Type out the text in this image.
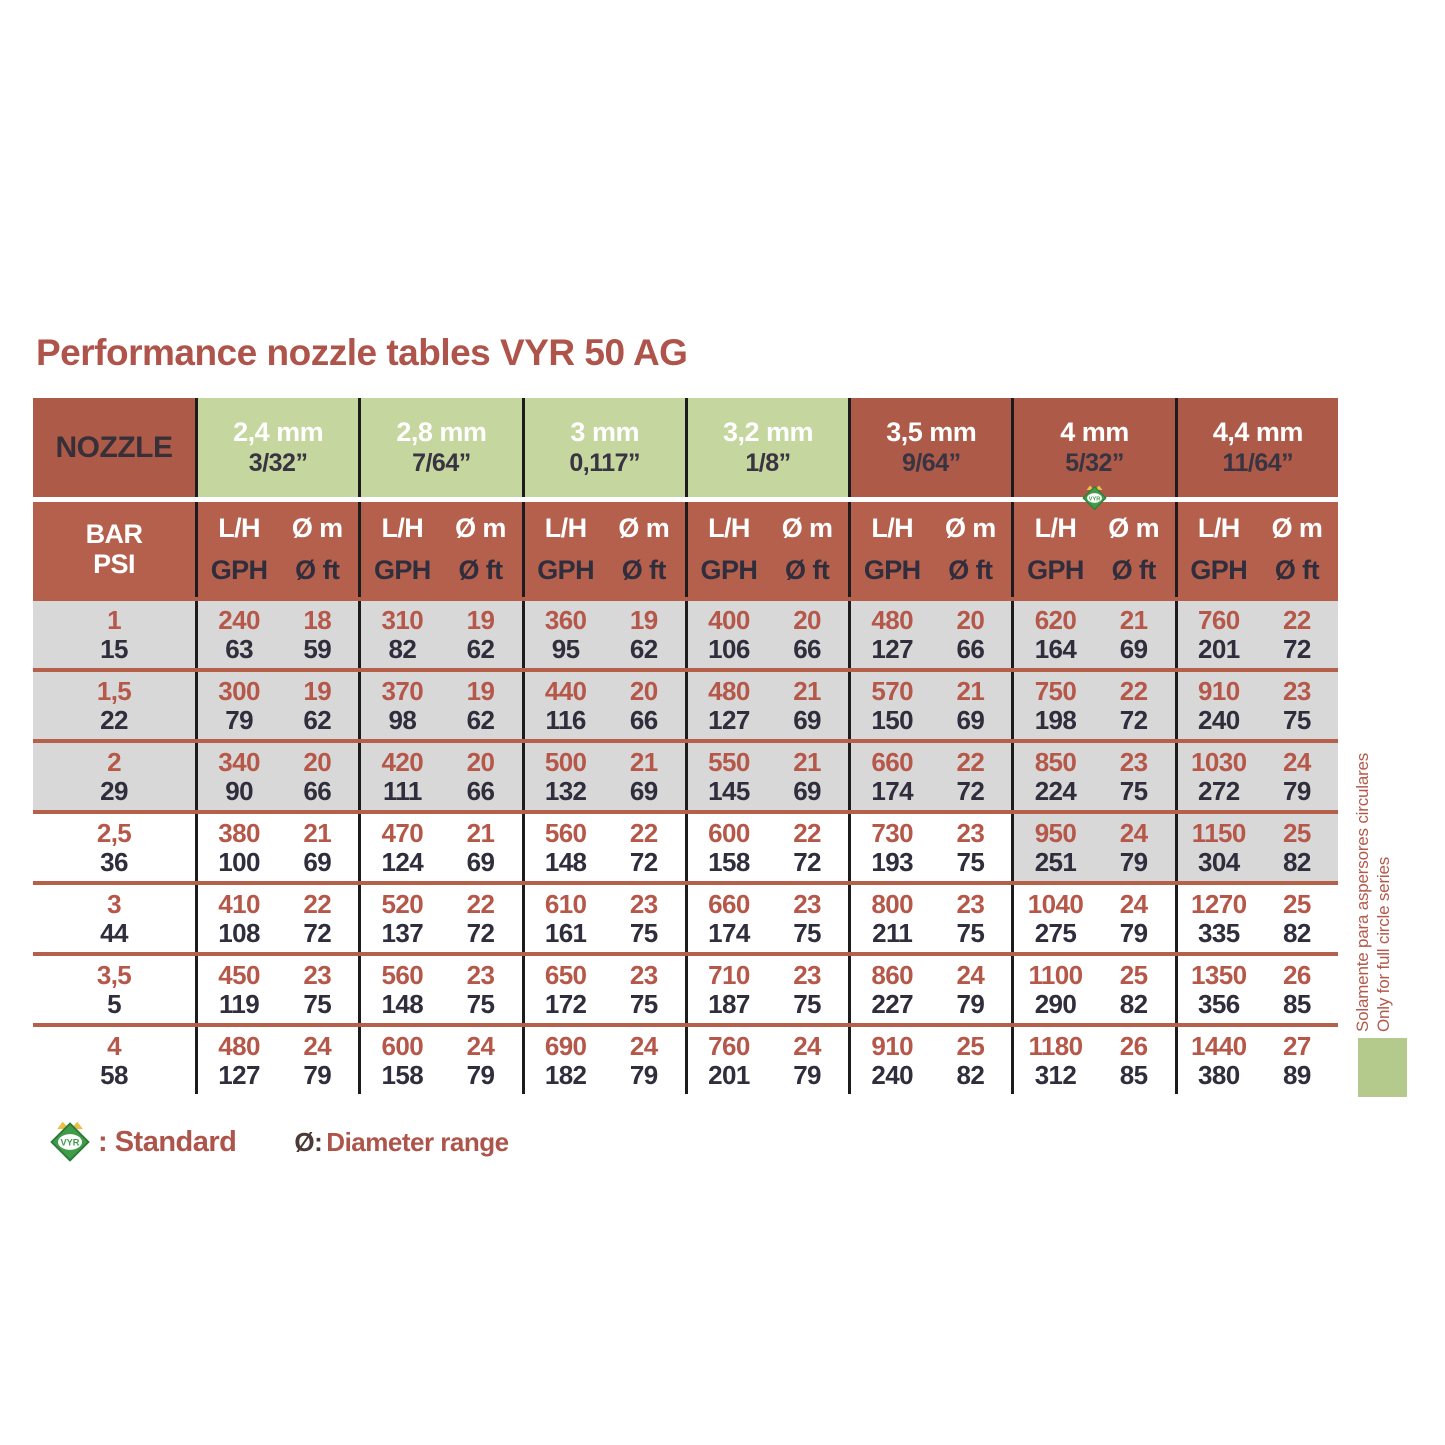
Performance nozzle tables VYR 50 AG
NOZZLE 2,4 mm
3/32”
2,8 mm
7/64”
3 mm
0,117”
3,2 mm
1/8”
3,5 mm
9/64”
4 mm
5/32”
4,4 mm
11/64”
BAR
PSI
L/H Ø m
GPH Ø ft
L/H Ø m
GPH Ø ft
L/H Ø m
GPH Ø ft
L/H Ø m
GPH Ø ft
L/H Ø m
GPH Ø ft
L/H Ø m
GPH Ø ft
L/H Ø m
GPH Ø ft
1
15
240 18
63 59
310 19
82 62
360 19
95 62
400 20
106 66
480 20
127 66
620 21
164 69
760 22
201 72
1,5
22
300 19
79 62
370 19
98 62
440 20
116 66
480 21
127 69
570 21
150 69
750 22
198 72
910 23
240 75
2
29
340 20
90 66
420 20
111 66
500 21
132 69
550 21
145 69
660 22
174 72
850 23
224 75
1030 24
272 79
2,5
36
380 21
100 69
470 21
124 69
560 22
148 72
600 22
158 72
730 23
193 75
950 24
251 79
1150 25
304 82
3
44
410 22
108 72
520 22
137 72
610 23
161 75
660 23
174 75
800 23
211 75
1040 24
275 79
1270 25
335 82
3,5
5
450 23
119 75
560 23
148 75
650 23
172 75
710 23
187 75
860 24
227 79
1100 25
290 82
1350 26
356 85
4
58
480 24
127 79
600 24
158 79
690 24
182 79
760 24
201 79
910 25
240 82
1180 26
312 85
1440 27
380 89
VYR
VYR : Standard Ø: Diameter range
Solamente para aspersores circulares Only for full circle series
